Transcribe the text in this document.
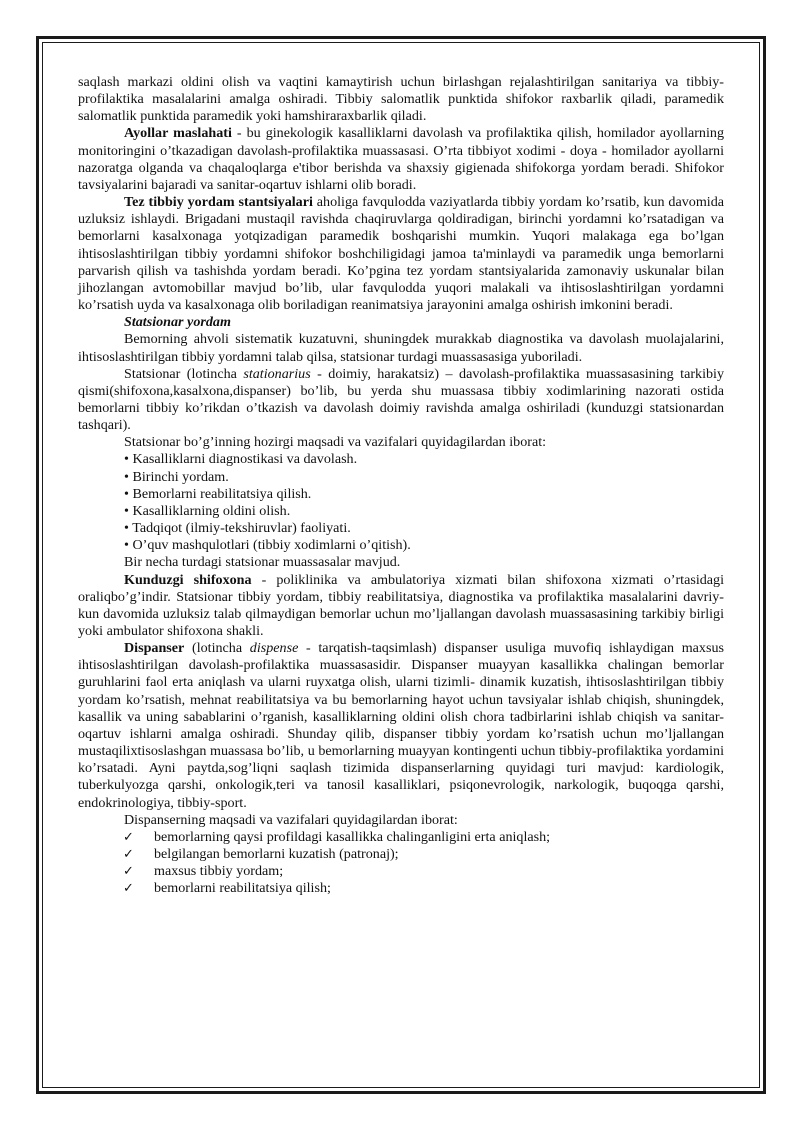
saqlash markazi oldini olish va vaqtini kamaytirish uchun birlashgan rejalashtirilgan sanitariya va tibbiy-profilaktika masalalarini amalga oshiradi. Tibbiy salomatlik punktida shifokor raxbarlik qiladi, paramedik salomatlik punktida paramedik yoki hamshiraraxbarlik qiladi.

Ayollar maslahati - bu ginekologik kasalliklarni davolash va profilaktika qilish, homilador ayollarning monitoringini o’tkazadigan davolash-profilaktika muassasasi. O’rta tibbiyot xodimi - doya - homilador ayollarni nazoratga olganda va chaqaloqlarga e'tibor berishda va shaxsiy gigienada shifokorga yordam beradi. Shifokor tavsiyalarini bajaradi va sanitar-oqartuv ishlarni olib boradi.

Tez tibbiy yordam stantsiyalari aholiga favqulodda vaziyatlarda tibbiy yordam ko’rsatib, kun davomida uzluksiz ishlaydi. Brigadani mustaqil ravishda chaqiruvlarga qoldiradigan, birinchi yordamni ko’rsatadigan va bemorlarni kasalxonaga yotqizadigan paramedik boshqarishi mumkin. Yuqori malakaga ega bo’lgan ihtisoslashtirilgan tibbiy yordamni shifokor boshchiligidagi jamoa ta'minlaydi va paramedik unga bemorlarni parvarish qilish va tashishda yordam beradi. Ko’pgina tez yordam stantsiyalarida zamonaviy uskunalar bilan jihozlangan avtomobillar mavjud bo’lib, ular favqulodda yuqori malakali va ihtisoslashtirilgan yordamni ko’rsatish uyda va kasalxonaga olib boriladigan reanimatsiya jarayonini amalga oshirish imkonini beradi.

Statsionar yordam

Bemorning ahvoli sistematik kuzatuvni, shuningdek murakkab diagnostika va davolash muolajalarini, ihtisoslashtirilgan tibbiy yordamni talab qilsa, statsionar turdagi muassasasiga yuboriladi.

Statsionar (lotincha stationarius - doimiy, harakatsiz) – davolash-profilaktika muassasasining tarkibiy qismi(shifoxona,kasalxona,dispanser) bo’lib, bu yerda shu muassasa tibbiy xodimlarining nazorati ostida bemorlarni tibbiy ko’rikdan o’tkazish va davolash doimiy ravishda amalga oshiriladi (kunduzgi statsionardan tashqari).

Statsionar bo’g’inning hozirgi maqsadi va vazifalari quyidagilardan iborat:

• Kasalliklarni diagnostikasi va davolash.

• Birinchi yordam.

• Bemorlarni reabilitatsiya qilish.

• Kasalliklarning oldini olish.

• Tadqiqot (ilmiy-tekshiruvlar) faoliyati.

• O’quv mashqulotlari (tibbiy xodimlarni o’qitish).

Bir necha turdagi statsionar muassasalar mavjud.

Kunduzgi shifoxona - poliklinika va ambulatoriya xizmati bilan shifoxona xizmati o’rtasidagi oraliqbo’g’indir. Statsionar tibbiy yordam, tibbiy reabilitatsiya, diagnostika va profilaktika masalalarini davriy-kun davomida uzluksiz talab qilmaydigan bemorlar uchun mo’ljallangan davolash muassasasining tarkibiy birligi yoki ambulator shifoxona shakli.

Dispanser (lotincha dispense - tarqatish-taqsimlash) dispanser usuliga muvofiq ishlaydigan maxsus ihtisoslashtirilgan davolash-profilaktika muassasasidir. Dispanser muayyan kasallikka chalingan bemorlar guruhlarini faol erta aniqlash va ularni ruyxatga olish, ularni tizimli- dinamik kuzatish, ihtisoslashtirilgan tibbiy yordam ko’rsatish, mehnat reabilitatsiya va bu bemorlarning hayot uchun tavsiyalar ishlab chiqish, shuningdek, kasallik va uning sabablarini o’rganish, kasalliklarning oldini olish chora tadbirlarini ishlab chiqish va sanitar-oqartuv ishlarni amalga oshiradi. Shunday qilib, dispanser tibbiy yordam ko’rsatish uchun mo’ljallangan mustaqilixtisoslashgan muassasa bo’lib, u bemorlarning muayyan kontingenti uchun tibbiy-profilaktika yordamini ko’rsatadi. Ayni paytda,sog’liqni saqlash tizimida dispanserlarning quyidagi turi mavjud: kardiologik, tuberkulyozga qarshi, onkologik,teri va tanosil kasalliklari, psiqonevrologik, narkologik, buqoqga qarshi, endokrinologiya, tibbiy-sport.

Dispanserning maqsadi va vazifalari quyidagilardan iborat:

✓ bemorlarning qaysi profildagi kasallikka chalinganligini erta aniqlash;

✓ belgilangan bemorlarni kuzatish (patronaj);

✓ maxsus tibbiy yordam;

✓ bemorlarni reabilitatsiya qilish;
